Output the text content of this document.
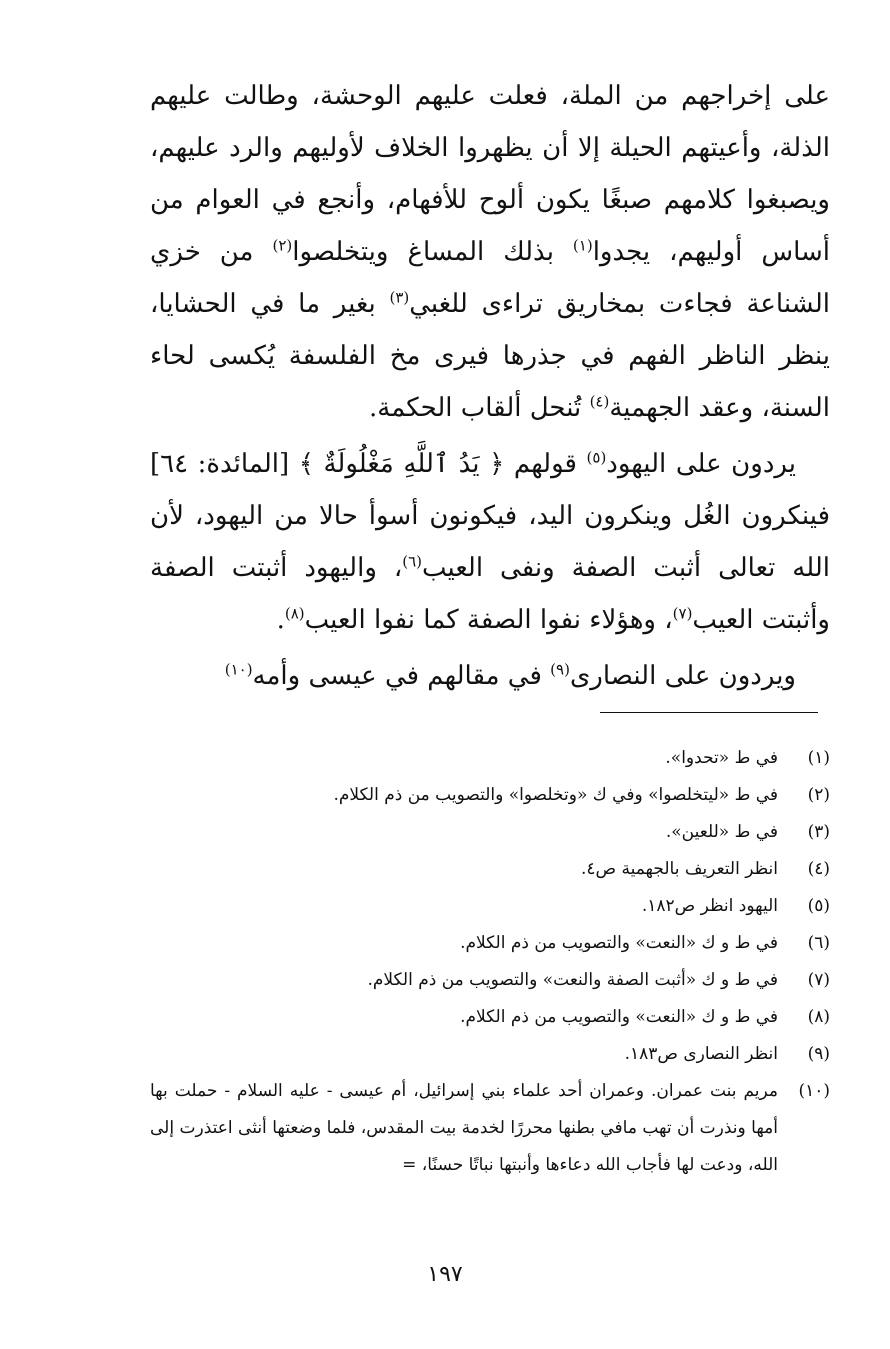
على إخراجهم من الملة، فعلت عليهم الوحشة، وطالت عليهم الذلة، وأعيتهم الحيلة إلا أن يظهروا الخلاف لأوليهم والرد عليهم، ويصبغوا كلامهم صبغًا يكون ألوح للأفهام، وأنجع في العوام من أساس أوليهم، يجدوا$^{(١)}$ بذلك المساغ ويتخلصوا$^{(٢)}$ من خزي الشناعة فجاءت بمخاريق تراءى للغبي$^{(٣)}$ بغير ما في الحشايا، ينظر الناظر الفهم في جذرها فيرى مخ الفلسفة يُكسى لحاء السنة، وعقد الجهمية$^{(٤)}$ تُنحل ألقاب الحكمة.

يردون على اليهود$^{(٥)}$ قولهم ﴿ يَدُ ٱللَّهِ مَغْلُولَةٌ ﴾ [المائدة: ٦٤] فينكرون الغُل وينكرون اليد، فيكونون أسوأ حالا من اليهود، لأن الله تعالى أثبت الصفة ونفى العيب$^{(٦)}$، واليهود أثبتت الصفة وأثبتت العيب$^{(٧)}$، وهؤلاء نفوا الصفة كما نفوا العيب$^{(٨)}$.

ويردون على النصارى$^{(٩)}$ في مقالهم في عيسى وأمه$^{(١٠)}$

(١)
في ط «تحدوا».
(٢)
في ط «ليتخلصوا» وفي ك «وتخلصوا» والتصويب من ذم الكلام.
(٣)
في ط «للعين».
(٤)
انظر التعريف بالجهمية ص٤.
(٥)
اليهود انظر ص١٨٢.
(٦)
في ط و ك «النعت» والتصويب من ذم الكلام.
(٧)
في ط و ك «أثبت الصفة والنعت» والتصويب من ذم الكلام.
(٨)
في ط و ك «النعت» والتصويب من ذم الكلام.
(٩)
انظر النصارى ص١٨٣.
(١٠)
مريم بنت عمران. وعمران أحد علماء بني إسرائيل، أم عيسى - عليه السلام - حملت بها أمها ونذرت أن تهب مافي بطنها محررًا لخدمة بيت المقدس، فلما وضعتها أنثى اعتذرت إلى الله، ودعت لها فأجاب الله دعاءها وأنبتها نباتًا حسنًا، =
١٩٧
